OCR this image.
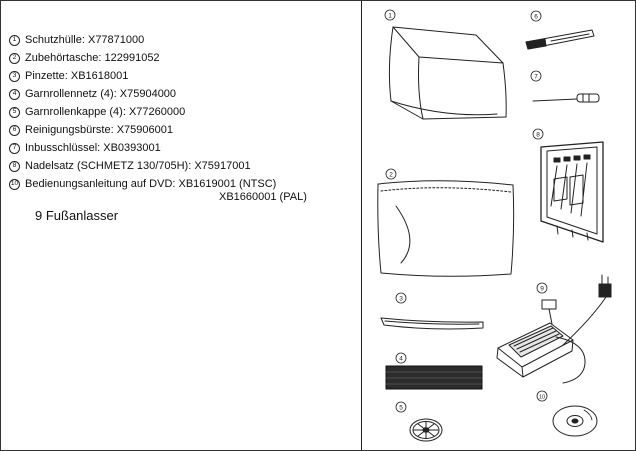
1 Schutzhülle: X77871000
2 Zubehörtasche: 122991052
3 Pinzette: XB1618001
4 Garnrollennetz (4): X75904000
5 Garnrollenkappe (4): X77260000
6 Reinigungsbürste: X75906001
7 Inbusschlüssel: XB0393001
8 Nadelsatz (SCHMETZ 130/705H): X75917001
10 Bedienungsanleitung auf DVD: XB1619001 (NTSC)
XB1660001 (PAL)
9 Fußanlasser
1	6
7
8
2
9
3
4
5
10
